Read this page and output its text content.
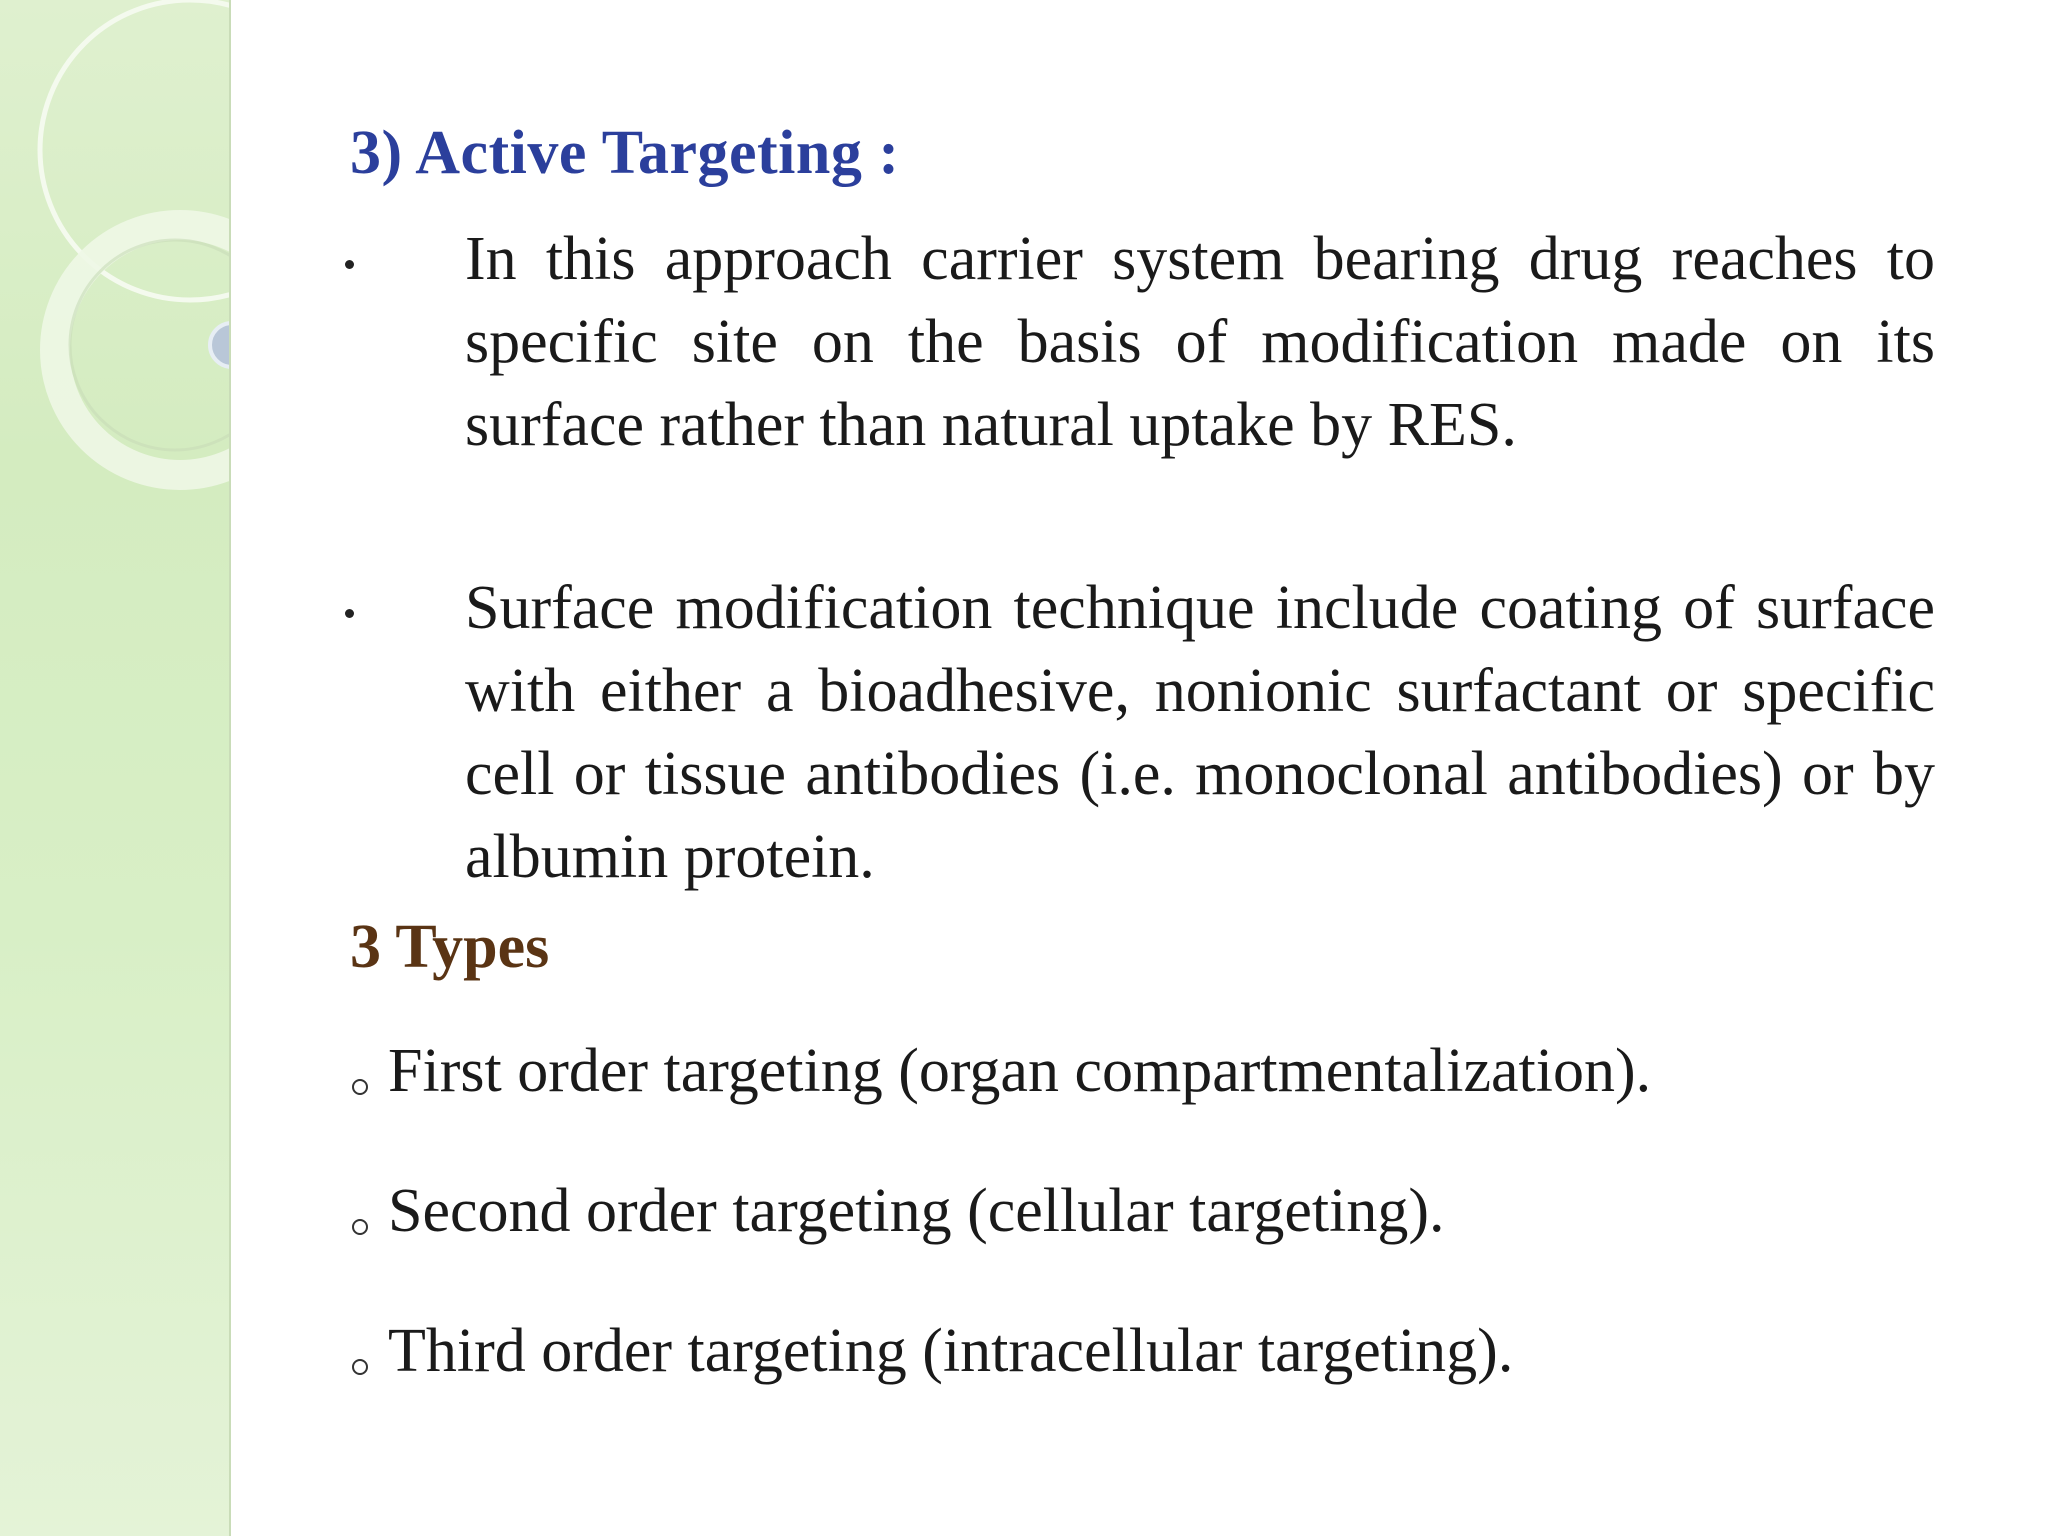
3) Active Targeting :
In this approach carrier system bearing drug reaches to specific site on the basis of modification made on its surface rather than natural uptake by RES.
Surface modification technique include coating of surface with either a bioadhesive, nonionic surfactant or specific cell or tissue antibodies (i.e. monoclonal antibodies) or by albumin protein.
3 Types
First order targeting (organ compartmentalization).
Second order targeting (cellular targeting).
Third order targeting (intracellular targeting).
